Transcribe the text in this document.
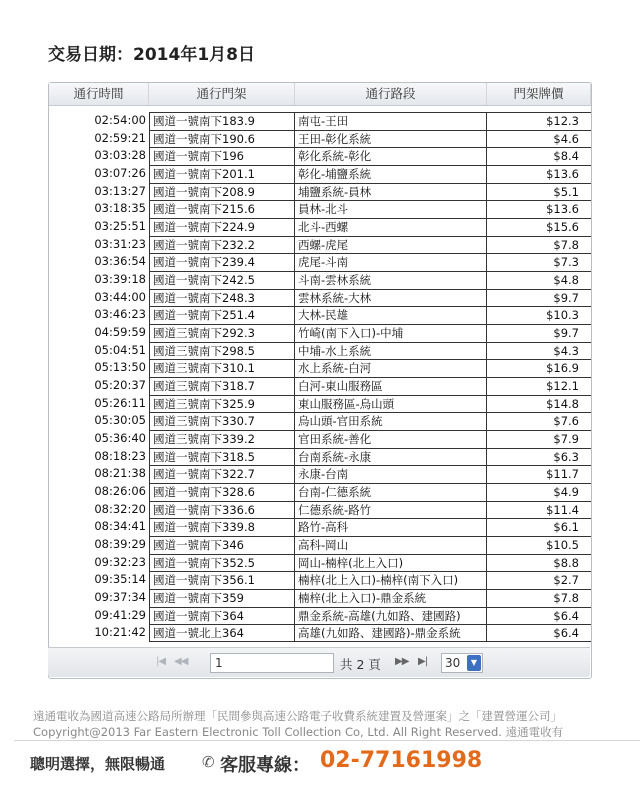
交易日期：2014年1月8日
通行時間	通行門架	通行路段	門架牌價
02:54:00 國道一號南下183.9	南屯-王田	$12.3
02:59:21 國道一號南下190.6	王田-彰化系統	$4.6
03:03:28 國道一號南下196	彰化系統-彰化	$8.4
03:07:26 國道一號南下201.1	彰化-埔鹽系統	$13.6
03:13:27 國道一號南下208.9	埔鹽系統-員林	$5.1
03:18:35 國道一號南下215.6	員林-北斗	$13.6
03:25:51 國道一號南下224.9	北斗-西螺	$15.6
03:31:23 國道一號南下232.2	西螺-虎尾	$7.8
03:36:54 國道一號南下239.4	虎尾-斗南	$7.3
03:39:18 國道一號南下242.5	斗南-雲林系統	$4.8
03:44:00 國道一號南下248.3	雲林系統-大林	$9.7
03:46:23 國道一號南下251.4	大林-民雄	$10.3
04:59:59 國道三號南下292.3	竹崎(南下入口)-中埔	$9.7
05:04:51 國道三號南下298.5	中埔-水上系統	$4.3
05:13:50 國道三號南下310.1	水上系統-白河	$16.9
05:20:37 國道三號南下318.7	白河-東山服務區	$12.1
05:26:11 國道三號南下325.9	東山服務區-烏山頭	$14.8
05:30:05 國道三號南下330.7	烏山頭-官田系統	$7.6
05:36:40 國道三號南下339.2	官田系統-善化	$7.9
08:18:23 國道一號南下318.5	台南系統-永康	$6.3
08:21:38 國道一號南下322.7	永康-台南	$11.7
08:26:06 國道一號南下328.6	台南-仁德系統	$4.9
08:32:20 國道一號南下336.6	仁德系統-路竹	$11.4
08:34:41 國道一號南下339.8	路竹-高科	$6.1
08:39:29 國道一號南下346	高科-岡山	$10.5
09:32:23 國道一號南下352.5	岡山-楠梓(北上入口)	$8.8
09:35:14 國道一號南下356.1	楠梓(北上入口)-楠梓(南下入口)	$2.7
09:37:34 國道一號南下359	楠梓(北上入口)-鼎金系統	$7.8
09:41:29 國道一號南下364	鼎金系統-高雄(九如路、建國路)	$6.4
10:21:42 國道一號北上364	高雄(九如路、建國路)-鼎金系統	$6.4
|◀ ◀◀	1	共 2 頁 ▶▶ ▶|	30	▼
遠通電收為國道高速公路局所辦理「民間參與高速公路電子收費系統建置及營運案」之「建置營運公司」
Copyright@2013 Far Eastern Electronic Toll Collection Co, Ltd. All Right Reserved. 遠通電收有
聰明選擇，無限暢通 ✆ 客服專線： 02-77161998
